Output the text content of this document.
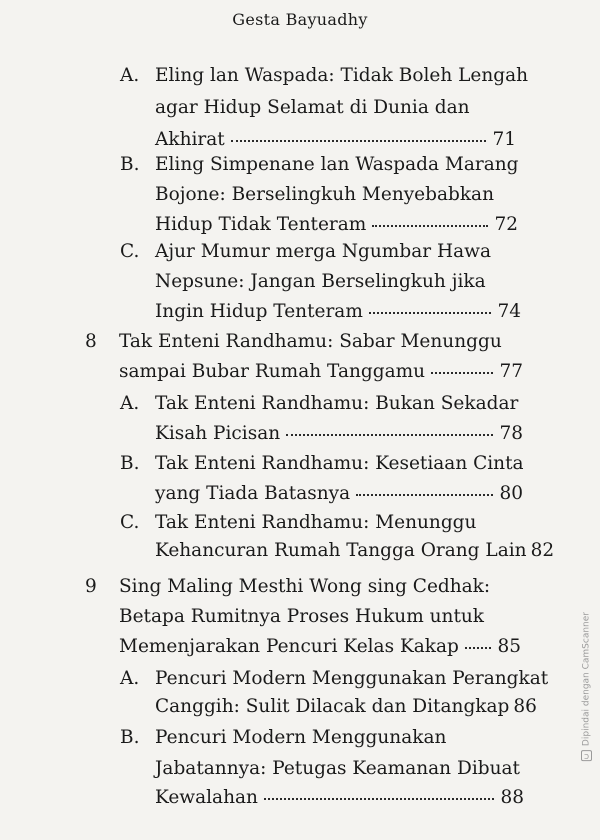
Gesta Bayuadhy
A. Eling lan Waspada: Tidak Boleh Lengah
agar Hidup Selamat di Dunia dan
Akhirat	71
B. Eling Simpenane lan Waspada Marang
Bojone: Berselingkuh Menyebabkan
Hidup Tidak Tenteram	72
C. Ajur Mumur merga Ngumbar Hawa
Nepsune: Jangan Berselingkuh jika
Ingin Hidup Tenteram	74
8 Tak Enteni Randhamu: Sabar Menunggu
sampai Bubar Rumah Tanggamu	77
A. Tak Enteni Randhamu: Bukan Sekadar
Kisah Picisan	78
B. Tak Enteni Randhamu: Kesetiaan Cinta
yang Tiada Batasnya	80
C. Tak Enteni Randhamu: Menunggu
Kehancuran Rumah Tangga Orang Lain 82
9 Sing Maling Mesthi Wong sing Cedhak:
Betapa Rumitnya Proses Hukum untuk
Memenjarakan Pencuri Kelas Kakap 85
A. Pencuri Modern Menggunakan Perangkat
Canggih: Sulit Dilacak dan Ditangkap 86
B. Pencuri Modern Menggunakan
Jabatannya: Petugas Keamanan Dibuat
Kewalahan	88
C
Dipindai dengan CamScanner
